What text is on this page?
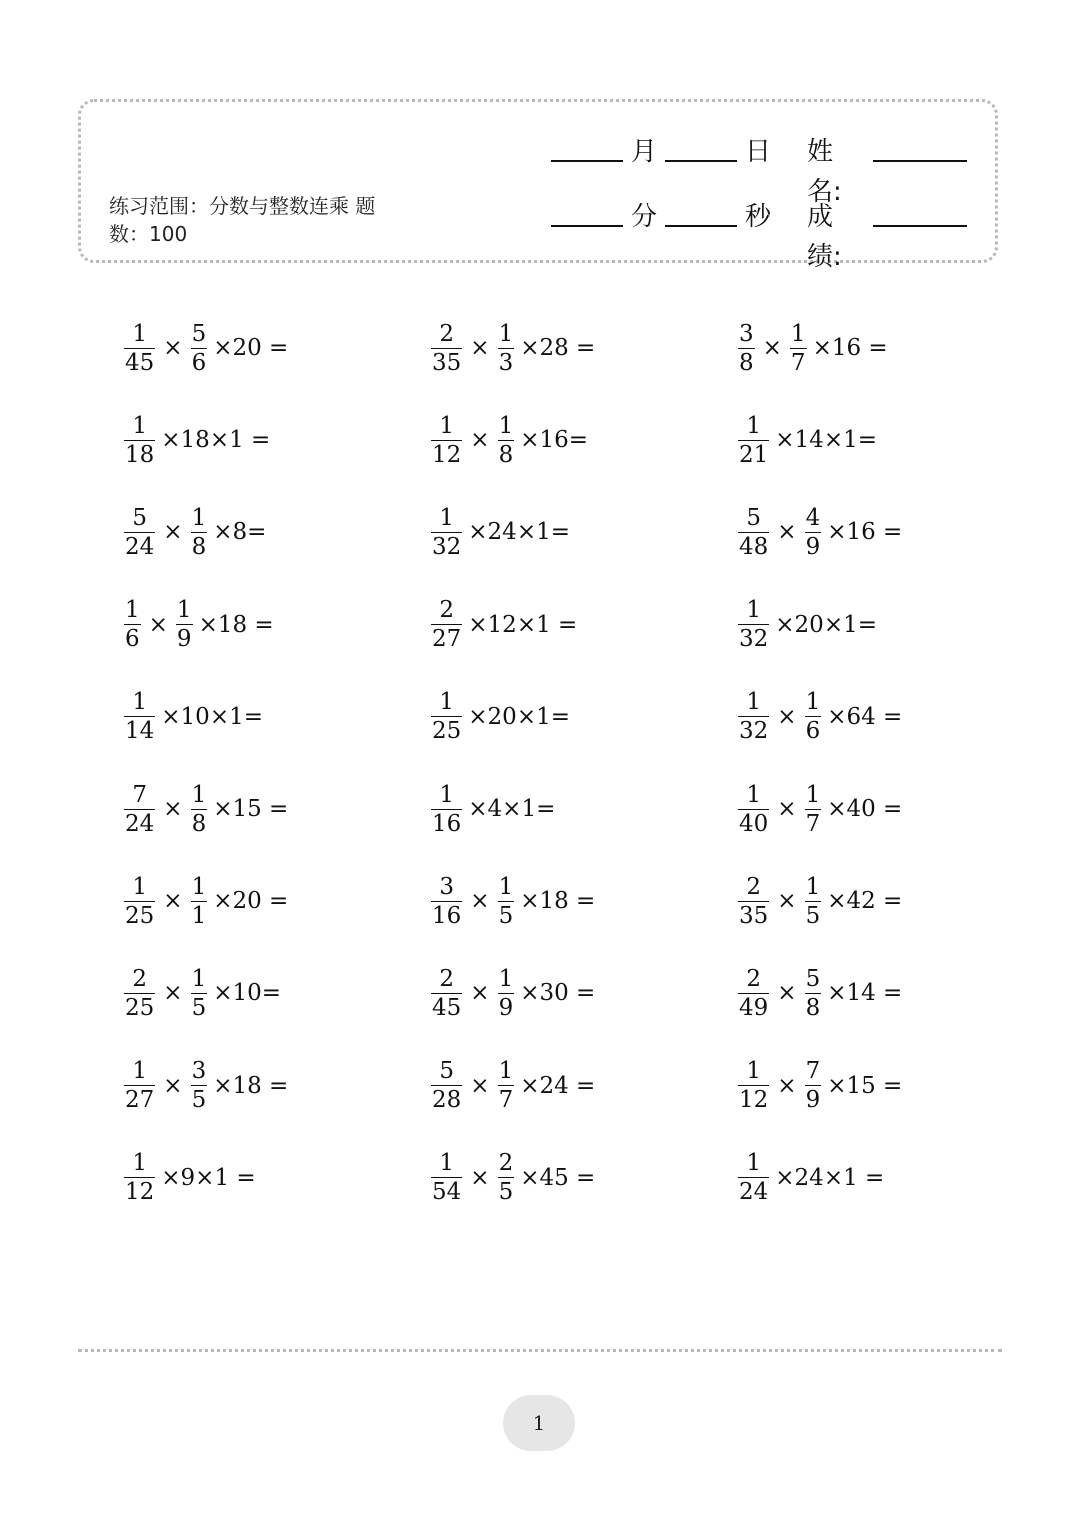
练习范围：分数与整数连乘 题
数：100
月	日 姓名:
分	秒 成绩:
$\frac{1}{45} \times \frac{5}{6} \times 20$ =	$\frac{2}{35} \times \frac{1}{3} \times 28$ =	$\frac{3}{8} \times \frac{1}{7} \times 16$ =
$\frac{1}{18} \times 18\times 1$ =	$\frac{1}{12} \times \frac{1}{8} \times 16=$	$\frac{1}{21} \times 14\times 1=$
$\frac{5}{24} \times \frac{1}{8} \times 8=$	$\frac{1}{32} \times 24\times 1=$	$\frac{5}{48} \times \frac{4}{9} \times 16$ =
$\frac{1}{6} \times \frac{1}{9} \times 18$ =	$\frac{2}{27} \times 12\times 1$ =	$\frac{1}{32} \times 20\times 1=$
$\frac{1}{14} \times 10\times 1=$	$\frac{1}{25} \times 20\times 1=$	$\frac{1}{32} \times \frac{1}{6} \times 64$ =
$\frac{7}{24} \times \frac{1}{8} \times 15$ =	$\frac{1}{16} \times 4\times 1=$	$\frac{1}{40} \times \frac{1}{7} \times 40$ =
$\frac{1}{25} \times \frac{1}{1} \times 20$ =	$\frac{3}{16} \times \frac{1}{5} \times 18$ =	$\frac{2}{35} \times \frac{1}{5} \times 42$ =
$\frac{2}{25} \times \frac{1}{5} \times 10=$	$\frac{2}{45} \times \frac{1}{9} \times 30$ =	$\frac{2}{49} \times \frac{5}{8} \times 14$ =
$\frac{1}{27} \times \frac{3}{5} \times 18$ =	$\frac{5}{28} \times \frac{1}{7} \times 24$ =	$\frac{1}{12} \times \frac{7}{9} \times 15$ =
$\frac{1}{12} \times 9\times 1$ =	$\frac{1}{54} \times \frac{2}{5} \times 45$ =	$\frac{1}{24} \times 24\times 1$ =
1
